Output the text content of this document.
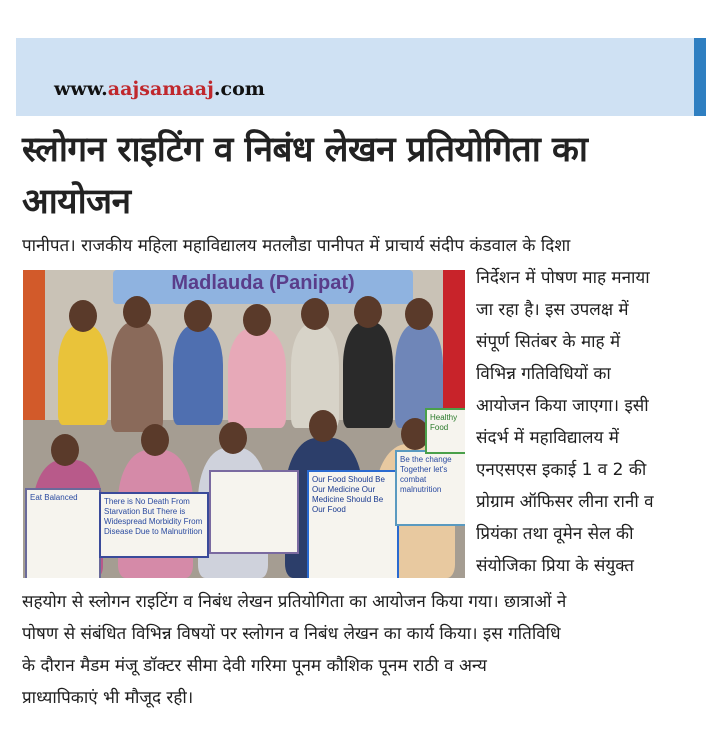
www.aajsamaaj.com
स्लोगन राइटिंग व निबंध लेखन प्रतियोगिता का
आयोजन
पानीपत। राजकीय महिला महाविद्यालय मतलौडा पानीपत में प्राचार्य संदीप कंडवाल के दिशा
निर्देशन में पोषण माह मनाया
जा रहा है। इस उपलक्ष में
संपूर्ण सितंबर के माह में
विभिन्न गतिविधियों का
आयोजन किया जाएगा। इसी
संदर्भ में महाविद्यालय में
एनएसएस इकाई 1 व 2 की
प्रोग्राम ऑफिसर लीना रानी व
प्रियंका तथा वूमेन सेल की
संयोजिका प्रिया के संयुक्त
सहयोग से स्लोगन राइटिंग व निबंध लेखन प्रतियोगिता का आयोजन किया गया। छात्राओं ने
पोषण से संबंधित विभिन्न विषयों पर स्लोगन व निबंध लेखन का कार्य किया। इस गतिविधि
के दौरान मैडम मंजू डॉक्टर सीमा देवी गरिमा पूनम कौशिक पूनम राठी व अन्य
प्राध्यापिकाएं भी मौजूद रही।
Madlauda (Panipat)
Eat Balanced	There is No Death From Starvation But There is Widespread Morbidity From Disease Due to Malnutrition
Our Food Should Be Our Medicine Our Medicine Should Be Our Food
Be the change Together let's combat malnutrition
Healthy Food
